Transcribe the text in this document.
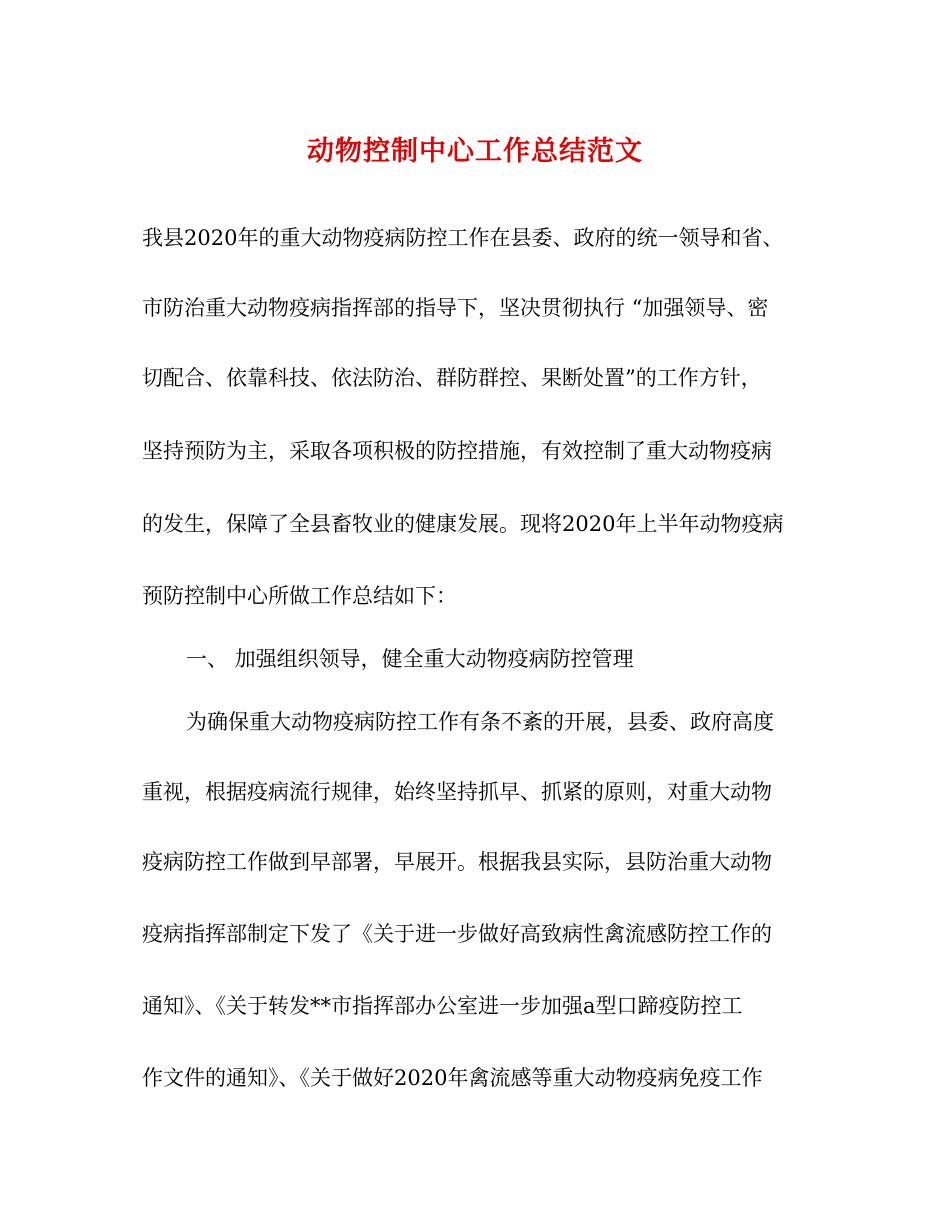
动物控制中心工作总结范文
我县2020年的重大动物疫病防控工作在县委、政府的统一领导和省、
市防治重大动物疫病指挥部的指导下，坚决贯彻执行 “加强领导、密
切配合、依靠科技、依法防治、群防群控、果断处置”的工作方针，
坚持预防为主，采取各项积极的防控措施，有效控制了重大动物疫病
的发生，保障了全县畜牧业的健康发展。现将2020年上半年动物疫病
预防控制中心所做工作总结如下：
一、 加强组织领导，健全重大动物疫病防控管理
为确保重大动物疫病防控工作有条不紊的开展，县委、政府高度
重视，根据疫病流行规律，始终坚持抓早、抓紧的原则，对重大动物
疫病防控工作做到早部署，早展开。根据我县实际，县防治重大动物
疫病指挥部制定下发了《关于进一步做好高致病性禽流感防控工作的
通知》、《关于转发**市指挥部办公室进一步加强a型口蹄疫防控工
作文件的通知》、《关于做好2020年禽流感等重大动物疫病免疫工作
